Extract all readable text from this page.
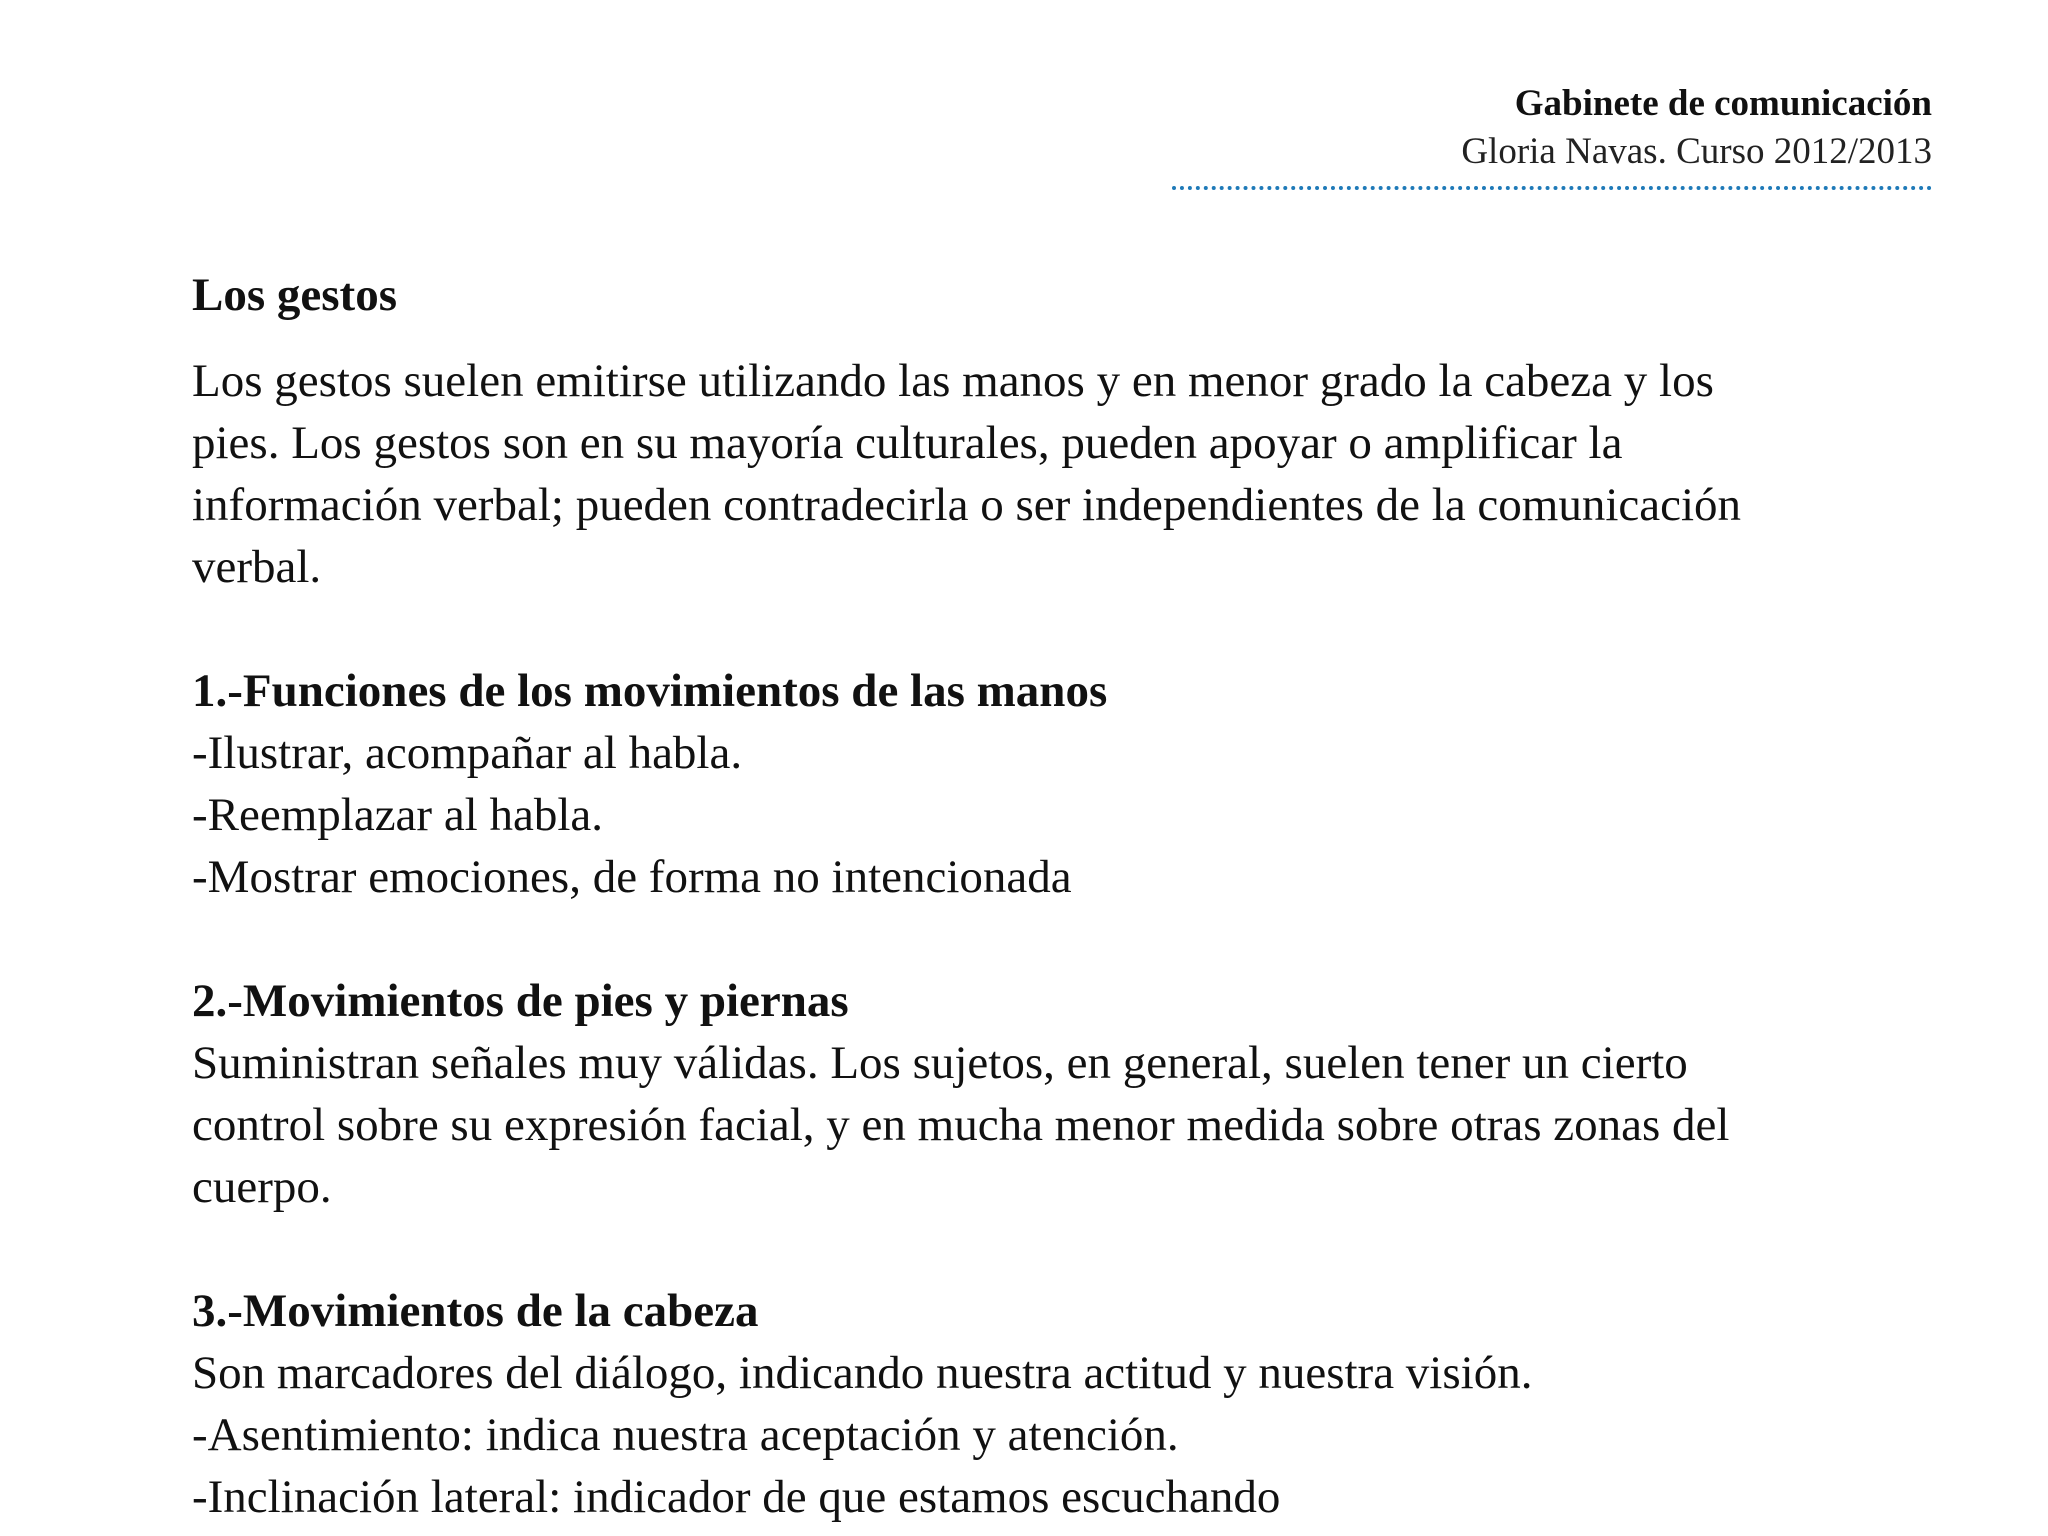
Gabinete de comunicación
Gloria Navas. Curso 2012/2013
Los gestos
Los gestos suelen emitirse utilizando las manos y en menor grado la cabeza y los
pies. Los gestos son en su mayoría culturales, pueden apoyar o amplificar la
información verbal; pueden contradecirla o ser independientes de la comunicación
verbal.
1.-Funciones de los movimientos de las manos
-Ilustrar, acompañar al habla.
-Reemplazar al habla.
-Mostrar emociones, de forma no intencionada
2.-Movimientos de pies y piernas
Suministran señales muy válidas. Los sujetos, en general, suelen tener un cierto
control sobre su expresión facial, y en mucha menor medida sobre otras zonas del
cuerpo.
3.-Movimientos de la cabeza
Son marcadores del diálogo, indicando nuestra actitud y nuestra visión.
-Asentimiento: indica nuestra aceptación y atención.
-Inclinación lateral: indicador de que estamos escuchando
